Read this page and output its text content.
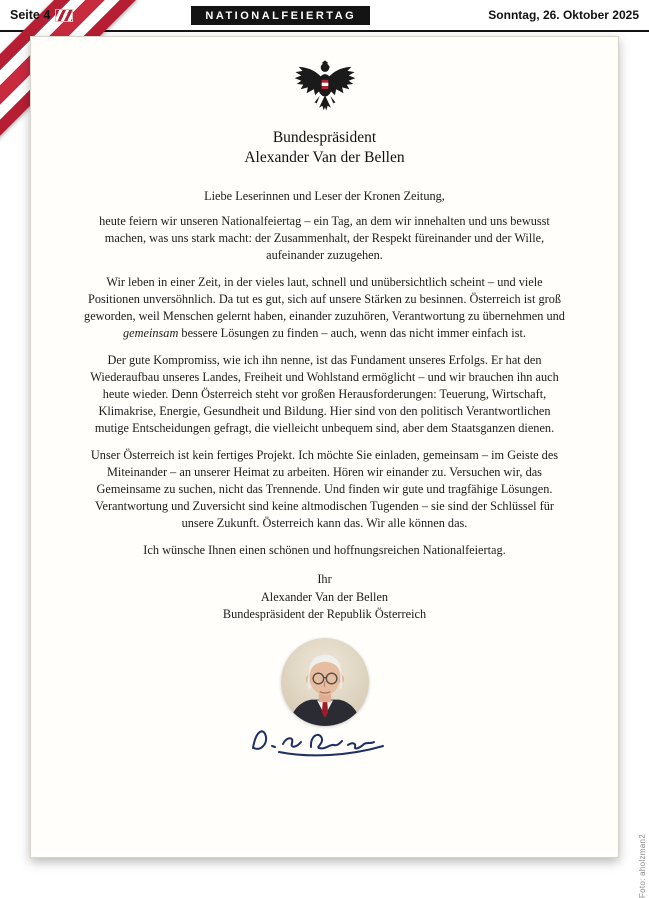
Seite 4	NATIONALFEIERTAG	Sonntag, 26. Oktober 2025
Bundespräsident
Alexander Van der Bellen

Liebe Leserinnen und Leser der Kronen Zeitung,

heute feiern wir unseren Nationalfeiertag – ein Tag, an dem wir innehalten und uns bewusst machen, was uns stark macht: der Zusammenhalt, der Respekt füreinander und der Wille, aufeinander zuzugehen.

Wir leben in einer Zeit, in der vieles laut, schnell und unübersichtlich scheint – und viele Positionen unversöhnlich. Da tut es gut, sich auf unsere Stärken zu besinnen. Österreich ist groß geworden, weil Menschen gelernt haben, einander zuzuhören, Verantwortung zu übernehmen und gemeinsam bessere Lösungen zu finden – auch, wenn das nicht immer einfach ist.

Der gute Kompromiss, wie ich ihn nenne, ist das Fundament unseres Erfolgs. Er hat den Wiederaufbau unseres Landes, Freiheit und Wohlstand ermöglicht – und wir brauchen ihn auch heute wieder. Denn Österreich steht vor großen Herausforderungen: Teuerung, Wirtschaft, Klimakrise, Energie, Gesundheit und Bildung. Hier sind von den politisch Verantwortlichen mutige Entscheidungen gefragt, die vielleicht unbequem sind, aber dem Staatsganzen dienen.

Unser Österreich ist kein fertiges Projekt. Ich möchte Sie einladen, gemeinsam – im Geiste des Miteinander – an unserer Heimat zu arbeiten. Hören wir einander zu. Versuchen wir, das Gemeinsame zu suchen, nicht das Trennende. Und finden wir gute und tragfähige Lösungen. Verantwortung und Zuversicht sind keine altmodischen Tugenden – sie sind der Schlüssel für unsere Zukunft. Österreich kann das. Wir alle können das.

Ich wünsche Ihnen einen schönen und hoffnungsreichen Nationalfeiertag.

Ihr
Alexander Van der Bellen
Bundespräsident der Republik Österreich
Foto: aholzman2
